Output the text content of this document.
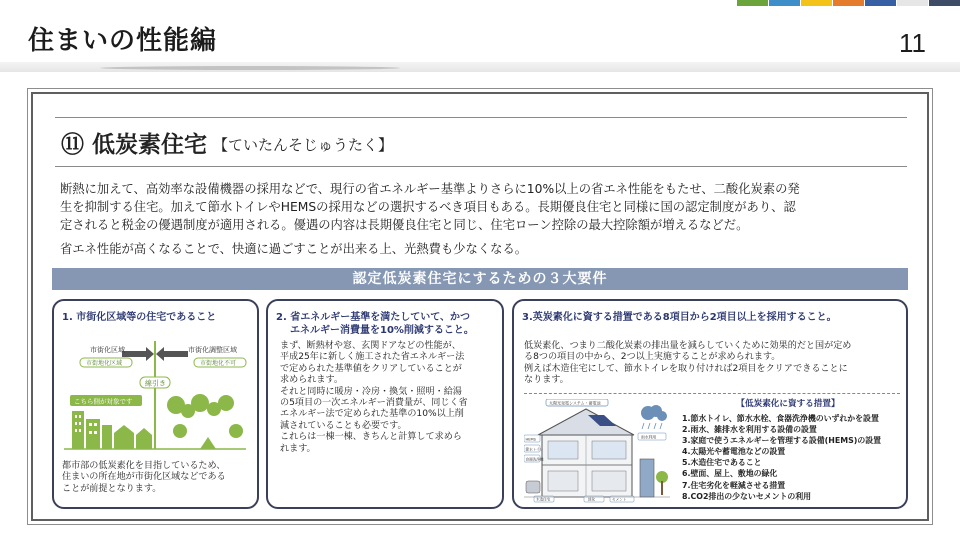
住まいの性能編	11
⑪ 低炭素住宅 【ていたんそじゅうたく】

断熱に加えて、高効率な設備機器の採用などで、現行の省エネルギー基準よりさらに10%以上の省エネ性能をもたせ、二酸化炭素の発
生を抑制する住宅。加えて節水トイレやHEMSの採用などの選択するべき項目もある。長期優良住宅と同様に国の認定制度があり、認
定されると税金の優遇制度が適用される。優遇の内容は長期優良住宅と同じ、住宅ローン控除の最大控除額が増えるなどだ。

省エネ性能が高くなることで、快適に過ごすことが出来る上、光熱費も少なくなる。

認定低炭素住宅にするための３大要件
1. 市街化区域等の住宅であること
市街化区域
市街地化区域
市街化調整区域
市街地化不可
線引き
こちら側が対象です
都市部の低炭素化を目指しているため、
住まいの所在地が市街化区域などである
ことが前提となります。
2. 省エネルギー基準を満たしていて、かつ
エネルギー消費量を10%削減すること。
まず、断熱材や窓、玄関ドアなどの性能が、
平成25年に新しく施工された省エネルギー法
で定められた基準値をクリアしていることが
求められます。
それと同時に暖房・冷房・換気・照明・給湯
の5項目の一次エネルギー消費量が、同じく省
エネルギー法で定められた基準の10%以上削
減されていることも必要です。
これらは一棟一棟、きちんと計算して求めら
れます。
3.英炭素化に資する措置である8項目から2項目以上を採用すること。
低炭素化、つまり二酸化炭素の排出量を減らしていくために効果的だと国が定め
る8つの項目の中から、2つ以上実施することが求められます。
例えば木造住宅にして、節水トイレを取り付ければ2項目をクリアできることに
なります。
太陽光発電システム・蓄電池
HEMS
節水トイレ
食器洗浄機
雨水利用
木造住宅	緑化	セメント
【低炭素化に資する措置】
1.節水トイレ、節水水栓、食器洗浄機のいずれかを設置
2.雨水、雑排水を利用する設備の設置
3.家庭で使うエネルギーを管理する設備(HEMS)の設置
4.太陽光や蓄電池などの設置
5.木造住宅であること
6.壁面、屋上、敷地の緑化
7.住宅劣化を軽減させる措置
8.CO2排出の少ないセメントの利用
